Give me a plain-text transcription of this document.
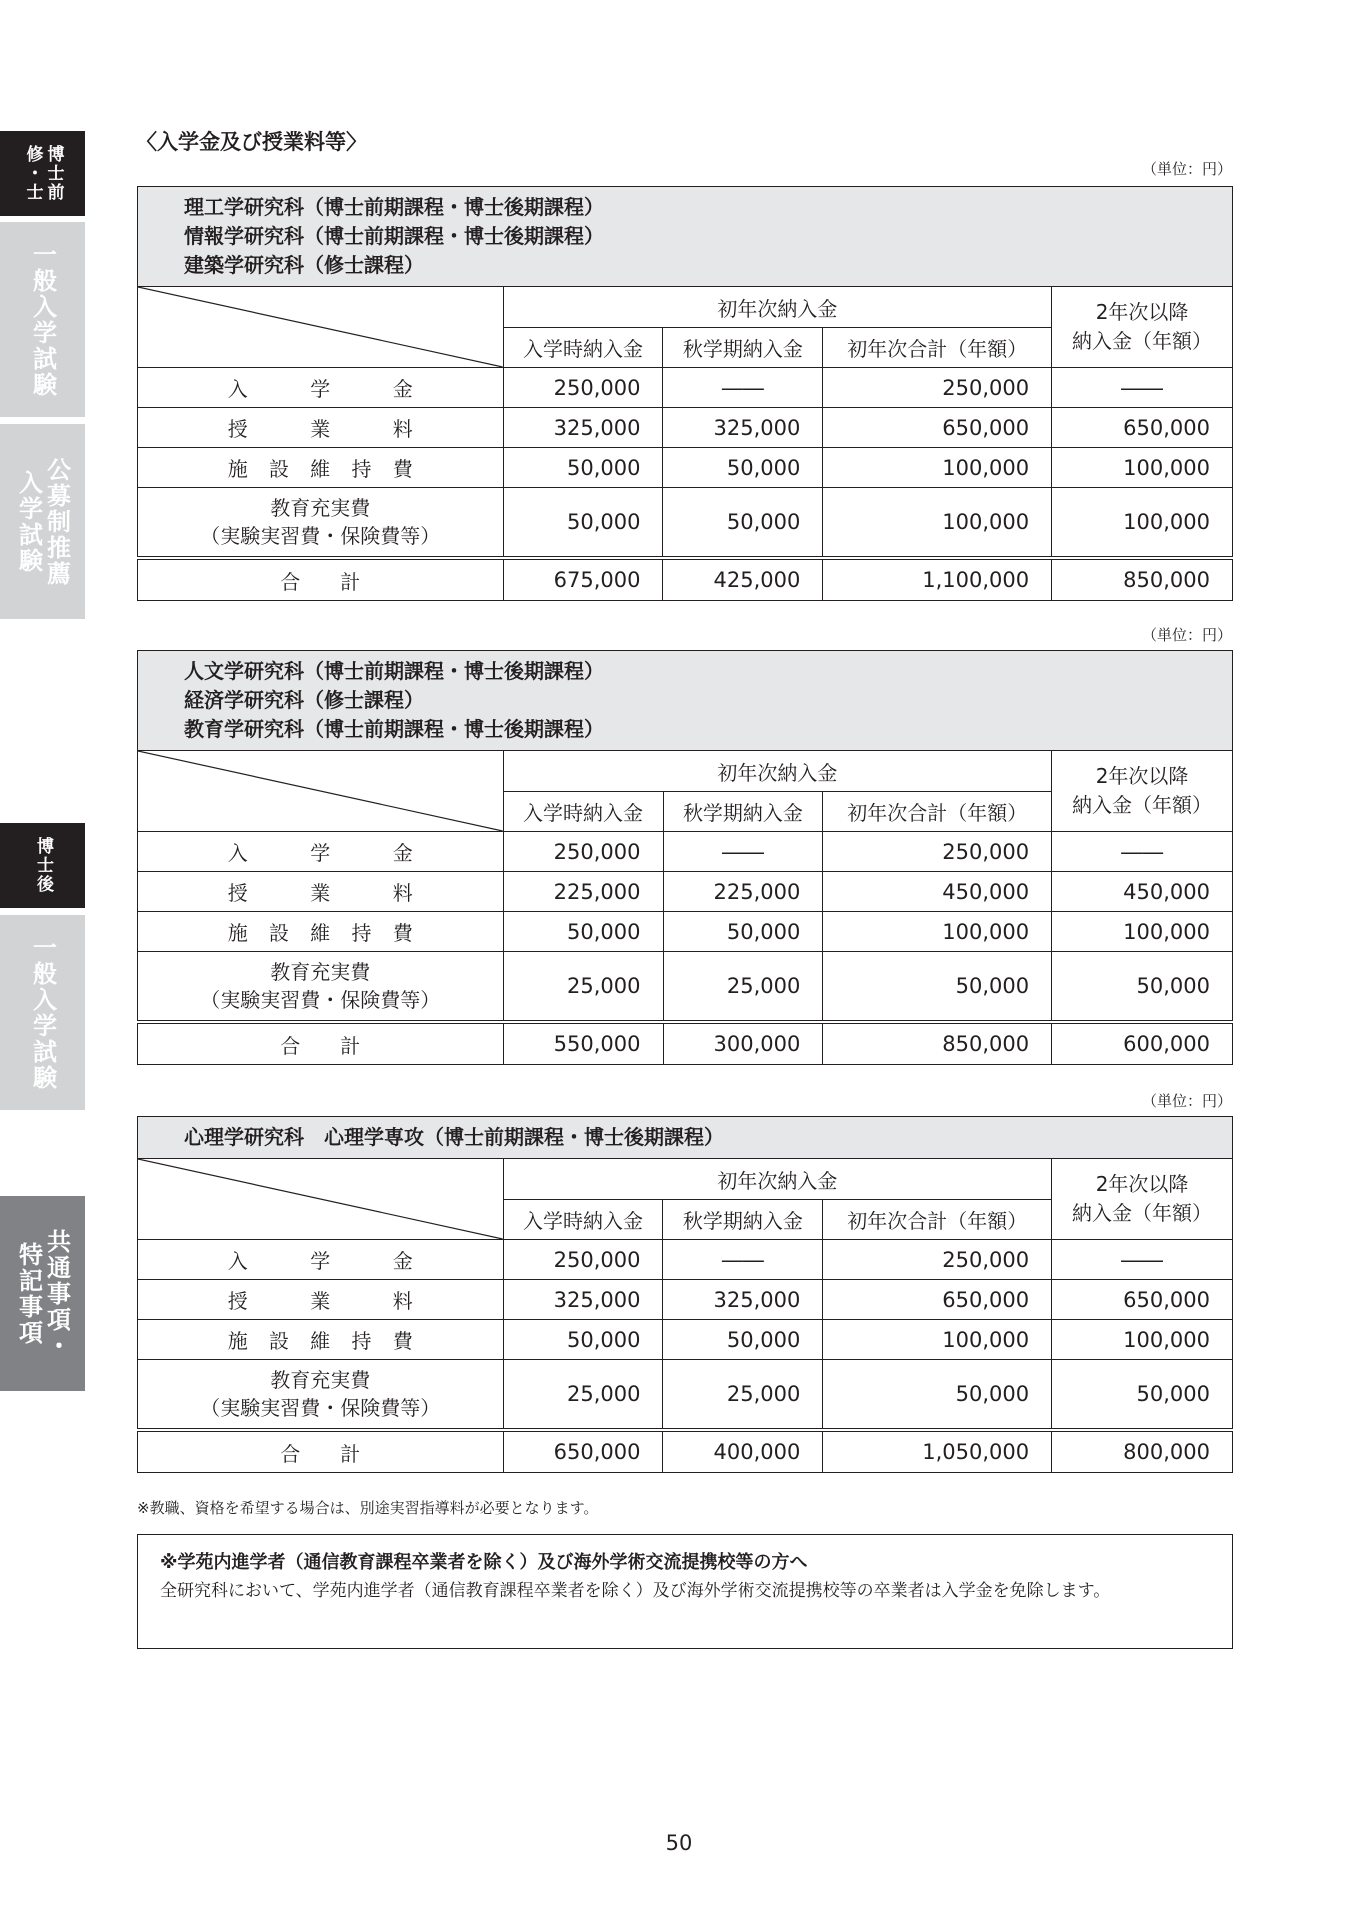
博士前
修・士
一般入学試験
公募制推薦
入学試験
博士後
一般入学試験
共通事項・
特記事項
〈入学金及び授業料等〉
（単位：円）
（単位：円）
（単位：円）
理工学研究科（博士前期課程・博士後期課程）
情報学研究科（博士前期課程・博士後期課程）
建築学研究科（修士課程）				

	初年次納入金			2年次以降
納入金（年額）
	入学時納入金	秋学期納入金	初年次合計（年額）	

入 学 金	250,000	――	250,000	――

授 業 料	325,000	325,000	650,000	650,000

施 設 維 持 費	50,000	50,000	100,000	100,000
教育充実費
（実験実習費・保険費等）	50,000	50,000	100,000	100,000

合 計	675,000	425,000	1,100,000	850,000
人文学研究科（博士前期課程・博士後期課程）
経済学研究科（修士課程）
教育学研究科（博士前期課程・博士後期課程）				

	初年次納入金			2年次以降
納入金（年額）
	入学時納入金	秋学期納入金	初年次合計（年額）	

入 学 金	250,000	――	250,000	――

授 業 料	225,000	225,000	450,000	450,000

施 設 維 持 費	50,000	50,000	100,000	100,000
教育充実費
（実験実習費・保険費等）	25,000	25,000	50,000	50,000

合 計	550,000	300,000	850,000	600,000
心理学研究科　心理学専攻（博士前期課程・博士後期課程）				

	初年次納入金			2年次以降
納入金（年額）
	入学時納入金	秋学期納入金	初年次合計（年額）	

入 学 金	250,000	――	250,000	――

授 業 料	325,000	325,000	650,000	650,000

施 設 維 持 費	50,000	50,000	100,000	100,000
教育充実費
（実験実習費・保険費等）	25,000	25,000	50,000	50,000

合 計	650,000	400,000	1,050,000	800,000
※教職、資格を希望する場合は、別途実習指導料が必要となります。
※学苑内進学者（通信教育課程卒業者を除く）及び海外学術交流提携校等の方へ
全研究科において、学苑内進学者（通信教育課程卒業者を除く）及び海外学術交流提携校等の卒業者は入学金を免除します。
50
